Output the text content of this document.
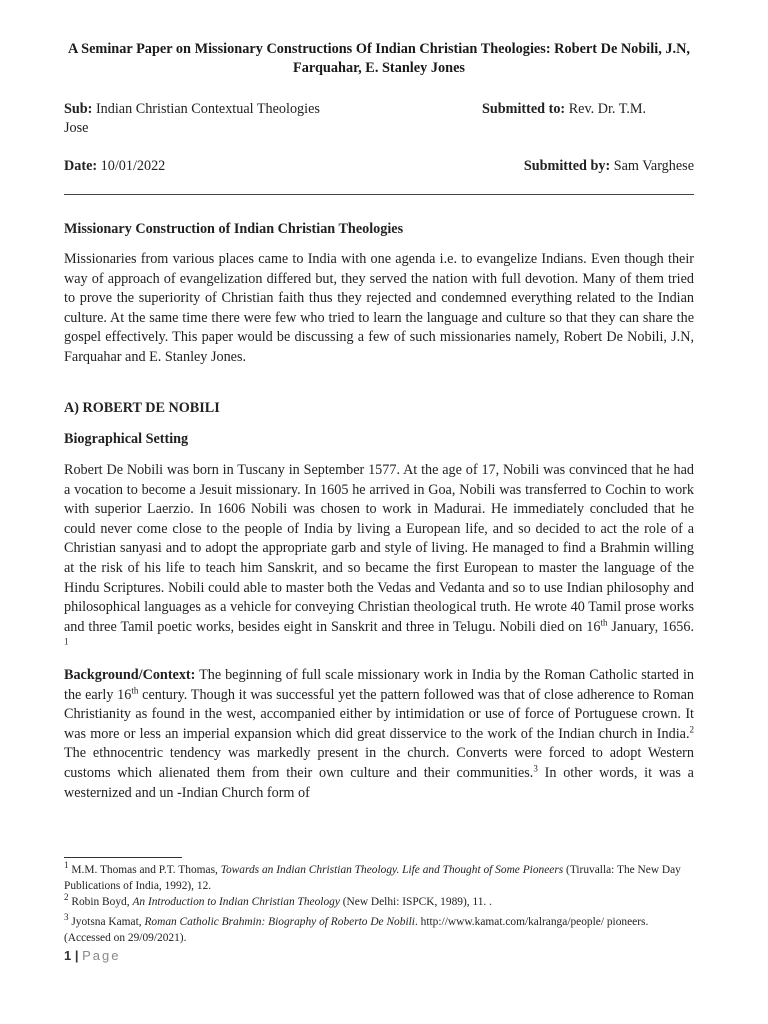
A Seminar Paper on Missionary Constructions Of Indian Christian Theologies: Robert De Nobili, J.N, Farquahar, E. Stanley Jones
Sub: Indian Christian Contextual Theologies	Submitted to: Rev. Dr. T.M.
Jose
Date: 10/01/2022	Submitted by: Sam Varghese
Missionary Construction of Indian Christian Theologies
Missionaries from various places came to India with one agenda i.e. to evangelize Indians. Even though their way of approach of evangelization differed but, they served the nation with full devotion. Many of them tried to prove the superiority of Christian faith thus they rejected and condemned everything related to the Indian culture. At the same time there were few who tried to learn the language and culture so that they can share the gospel effectively. This paper would be discussing a few of such missionaries namely, Robert De Nobili, J.N, Farquahar and E. Stanley Jones.
A) ROBERT DE NOBILI
Biographical Setting
Robert De Nobili was born in Tuscany in September 1577. At the age of 17, Nobili was convinced that he had a vocation to become a Jesuit missionary. In 1605 he arrived in Goa, Nobili was transferred to Cochin to work with superior Laerzio. In 1606 Nobili was chosen to work in Madurai. He immediately concluded that he could never come close to the people of India by living a European life, and so decided to act the role of a Christian sanyasi and to adopt the appropriate garb and style of living. He managed to find a Brahmin willing at the risk of his life to teach him Sanskrit, and so became the first European to master the language of the Hindu Scriptures. Nobili could able to master both the Vedas and Vedanta and so to use Indian philosophy and philosophical languages as a vehicle for conveying Christian theological truth. He wrote 40 Tamil prose works and three Tamil poetic works, besides eight in Sanskrit and three in Telugu. Nobili died on 16th January, 1656. $^1$
Background/Context: The beginning of full scale missionary work in India by the Roman Catholic started in the early 16th century. Though it was successful yet the pattern followed was that of close adherence to Roman Christianity as found in the west, accompanied either by intimidation or use of force of Portuguese crown. It was more or less an imperial expansion which did great disservice to the work of the Indian church in India.$^2$ The ethnocentric tendency was markedly present in the church. Converts were forced to adopt Western customs which alienated them from their own culture and their communities.$^3$ In other words, it was a westernized and un -Indian Church form of
$^1$ M.M. Thomas and P.T. Thomas, Towards an Indian Christian Theology. Life and Thought of Some Pioneers (Tiruvalla: The New Day Publications of India, 1992), 12.
$^2$ Robin Boyd, An Introduction to Indian Christian Theology (New Delhi: ISPCK, 1989), 11. .
$^3$ Jyotsna Kamat, Roman Catholic Brahmin: Biography of Roberto De Nobili. http://www.kamat.com/kalranga/people/ pioneers. (Accessed on 29/09/2021).
1 | Page
